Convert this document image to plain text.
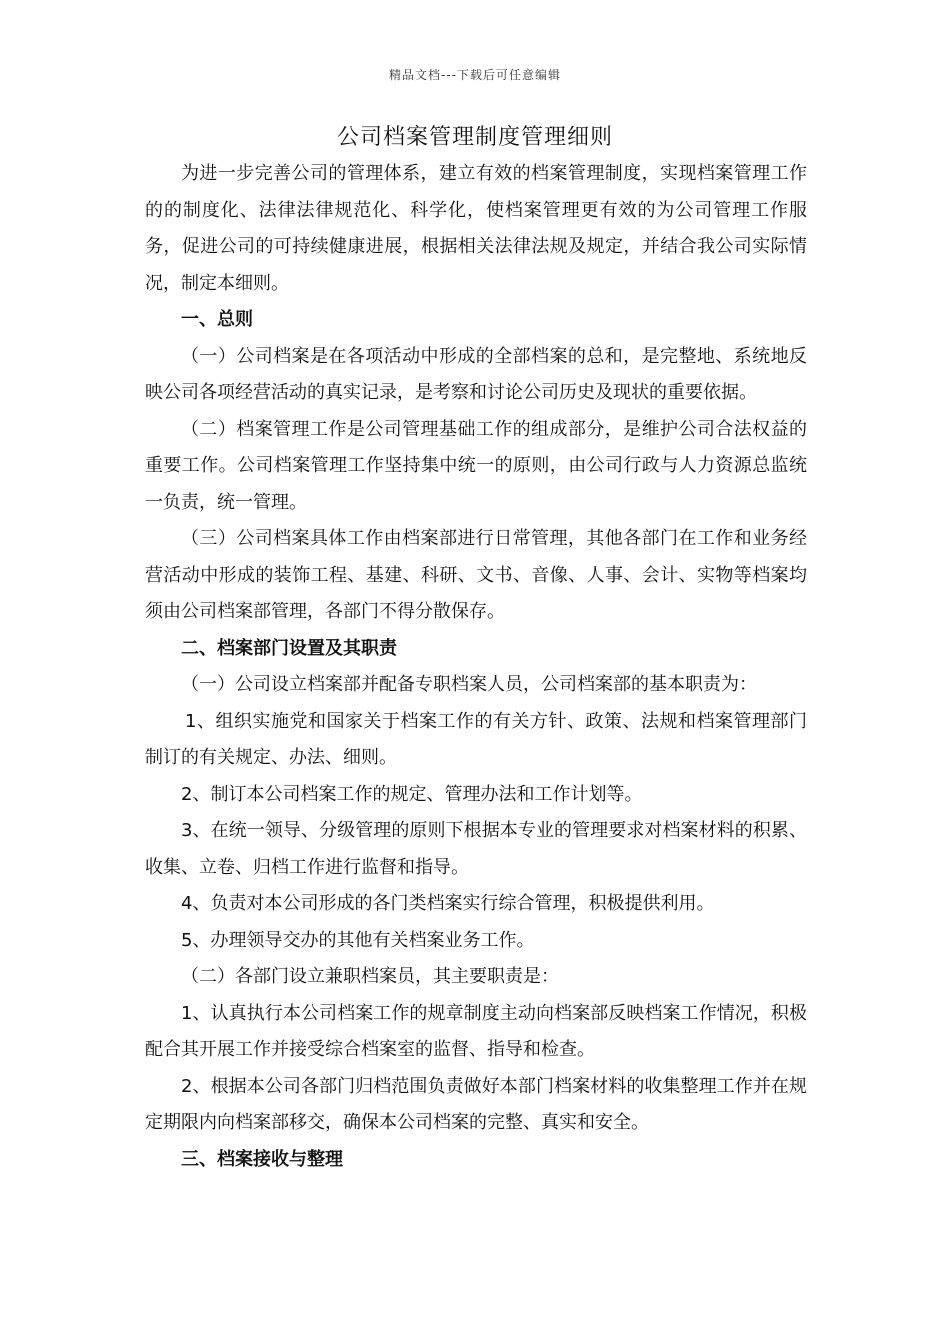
精品文档---下载后可任意编辑
公司档案管理制度管理细则

为进一步完善公司的管理体系，建立有效的档案管理制度，实现档案管理工作的的制度化、法律法律规范化、科学化，使档案管理更有效的为公司管理工作服务，促进公司的可持续健康进展，根据相关法律法规及规定，并结合我公司实际情况，制定本细则。

一、总则

（一）公司档案是在各项活动中形成的全部档案的总和，是完整地、系统地反映公司各项经营活动的真实记录，是考察和讨论公司历史及现状的重要依据。

（二）档案管理工作是公司管理基础工作的组成部分，是维护公司合法权益的重要工作。公司档案管理工作坚持集中统一的原则，由公司行政与人力资源总监统一负责，统一管理。

（三）公司档案具体工作由档案部进行日常管理，其他各部门在工作和业务经营活动中形成的装饰工程、基建、科研、文书、音像、人事、会计、实物等档案均须由公司档案部管理，各部门不得分散保存。

二、档案部门设置及其职责

（一）公司设立档案部并配备专职档案人员，公司档案部的基本职责为：

1、组织实施党和国家关于档案工作的有关方针、政策、法规和档案管理部门制订的有关规定、办法、细则。

2、制订本公司档案工作的规定、管理办法和工作计划等。

3、在统一领导、分级管理的原则下根据本专业的管理要求对档案材料的积累、收集、立卷、归档工作进行监督和指导。

4、负责对本公司形成的各门类档案实行综合管理，积极提供利用。

5、办理领导交办的其他有关档案业务工作。

（二）各部门设立兼职档案员，其主要职责是：

1、认真执行本公司档案工作的规章制度主动向档案部反映档案工作情况，积极配合其开展工作并接受综合档案室的监督、指导和检查。

2、根据本公司各部门归档范围负责做好本部门档案材料的收集整理工作并在规定期限内向档案部移交，确保本公司档案的完整、真实和安全。

三、档案接收与整理
